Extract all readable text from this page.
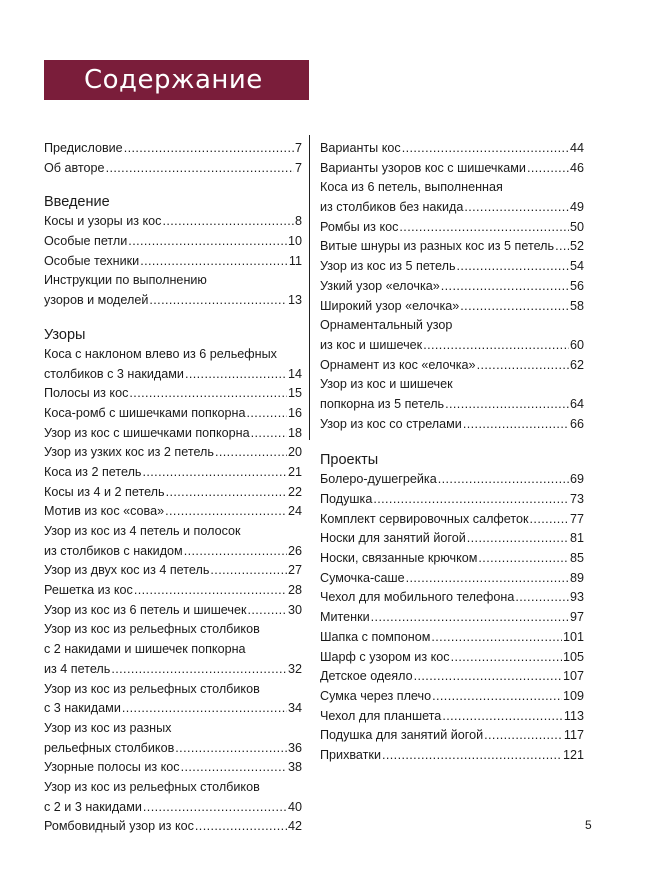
Содержание
Предисловие .....	7
Об авторе .....	7
Введение
Косы и узоры из кос .....	8
Особые петли .....	10
Особые техники .....	11
Инструкции по выполнению
узоров и моделей .....	13
Узоры
Коса с наклоном влево из 6 рельефных
столбиков с 3 накидами .....	14
Полосы из кос .....	15
Коса-ромб с шишечками попкорна .....	16
Узор из кос с шишечками попкорна .....	18
Узор из узких кос из 2 петель .....	20
Коса из 2 петель .....	21
Косы из 4 и 2 петель .....	22
Мотив из кос «сова» .....	24
Узор из кос из 4 петель и полосок
из столбиков с накидом .....	26
Узор из двух кос из 4 петель .....	27
Решетка из кос .....	28
Узор из кос из 6 петель и шишечек .....	30
Узор из кос из рельефных столбиков
с 2 накидами и шишечек попкорна
из 4 петель .....	32
Узор из кос из рельефных столбиков
с 3 накидами .....	34
Узор из кос из разных
рельефных столбиков .....	36
Узорные полосы из кос .....	38
Узор из кос из рельефных столбиков
с 2 и 3 накидами .....	40
Ромбовидный узор из кос .....	42
Варианты кос .....	44
Варианты узоров кос с шишечками .....	46
Коса из 6 петель, выполненная
из столбиков без накида .....	49
Ромбы из кос .....	50
Витые шнуры из разных кос из 5 петель ..... 52
Узор из кос из 5 петель .....	54
Узкий узор «елочка» .....	56
Широкий узор «елочка» .....	58
Орнаментальный узор
из кос и шишечек .....	60
Орнамент из кос «елочка» .....	62
Узор из кос и шишечек
попкорна из 5 петель .....	64
Узор из кос со стрелами .....	66
Проекты
Болеро-душегрейка .....	69
Подушка .....	73
Комплект сервировочных салфеток .....	77
Носки для занятий йогой .....	81
Носки, связанные крючком .....	85
Сумочка-саше .....	89
Чехол для мобильного телефона .....	93
Митенки .....	97
Шапка с помпоном .....	101
Шарф с узором из кос .....	105
Детское одеяло .....	107
Сумка через плечо .....	109
Чехол для планшета .....	113
Подушка для занятий йогой .....	117
Прихватки .....	121
5
